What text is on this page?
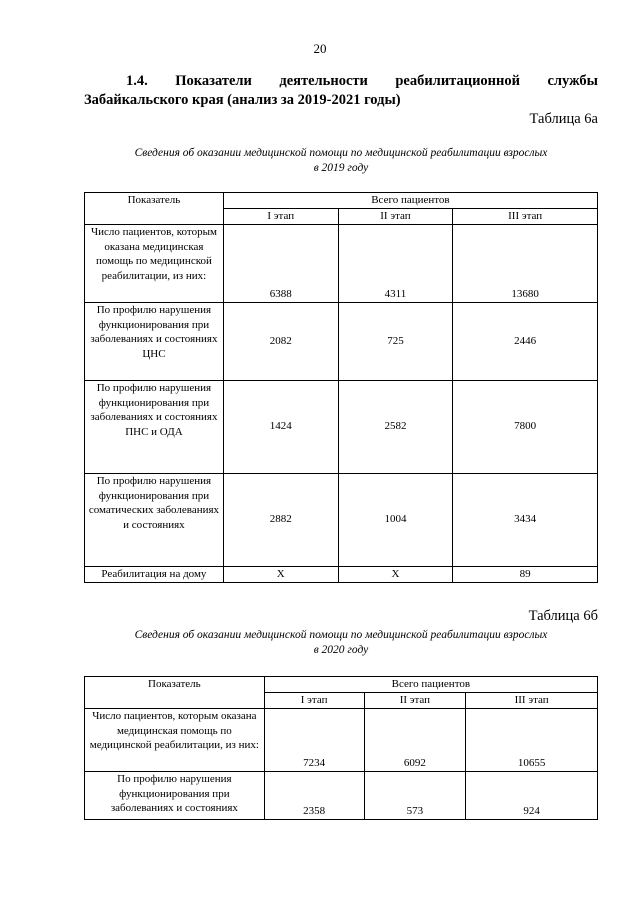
20
1.4. Показатели деятельности реабилитационной службы
Забайкальского края (анализ за 2019-2021 годы)
Таблица 6а
Сведения об оказании медицинской помощи по медицинской реабилитации взрослых
в 2019 году
Показатель	Всего пациентов		
	I этап	II этап	III этап
Число пациентов, которым оказана медицинская помощь по медицинской реабилитации, из них:	6388	4311	13680
По профилю нарушения функционирования при заболеваниях и состояниях ЦНС	2082	725	2446
По профилю нарушения функционирования при заболеваниях и состояниях ПНС и ОДА	1424	2582	7800
По профилю нарушения функционирования при соматических заболеваниях и состояниях	2882	1004	3434
Реабилитация на дому	X	X	89
Таблица 6б
Сведения об оказании медицинской помощи по медицинской реабилитации взрослых
в 2020 году
Показатель	Всего пациентов		
	I этап	II этап	III этап
Число пациентов, которым оказана медицинская помощь по медицинской реабилитации, из них:	7234	6092	10655
По профилю нарушения функционирования при заболеваниях и состояниях	2358	573	924
